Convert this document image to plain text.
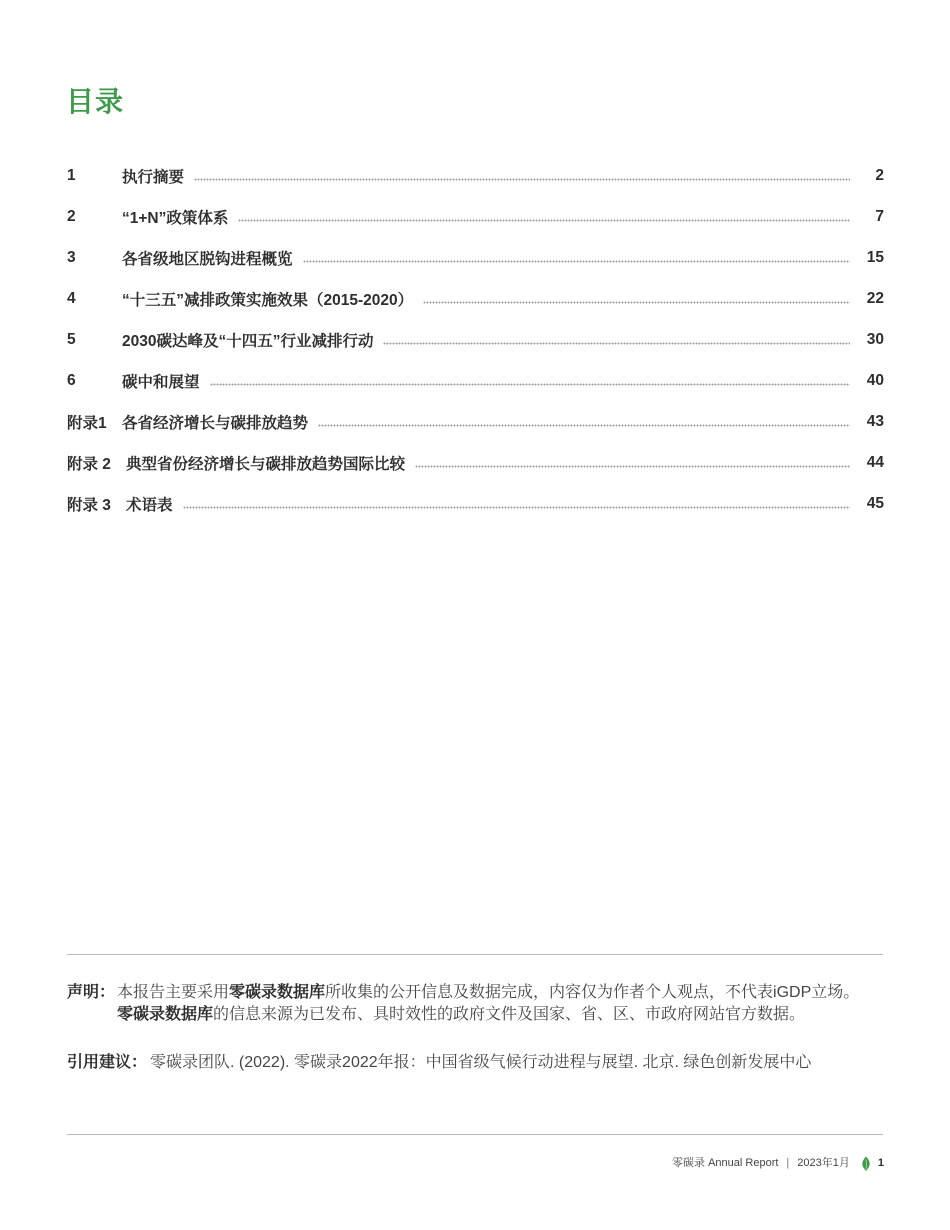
目录
1	执行摘要	2
2	“1+N”政策体系	7
3	各省级地区脱钩进程概览	15
4	“十三五”减排政策实施效果（2015-2020）	22
5	2030碳达峰及“十四五”行业减排行动	30
6	碳中和展望	40
附录1 各省经济增长与碳排放趋势	43
附录 2 典型省份经济增长与碳排放趋势国际比较	44
附录 3 术语表	45
声明： 本报告主要采用零碳录数据库所收集的公开信息及数据完成，内容仅为作者个人观点，不代表iGDP立场。
零碳录数据库的信息来源为已发布、具时效性的政府文件及国家、省、区、市政府网站官方数据。
引用建议： 零碳录团队. (2022). 零碳录2022年报：中国省级气候行动进程与展望. 北京. 绿色创新发展中心
零碳录 Annual Report | 2023年1月	1
